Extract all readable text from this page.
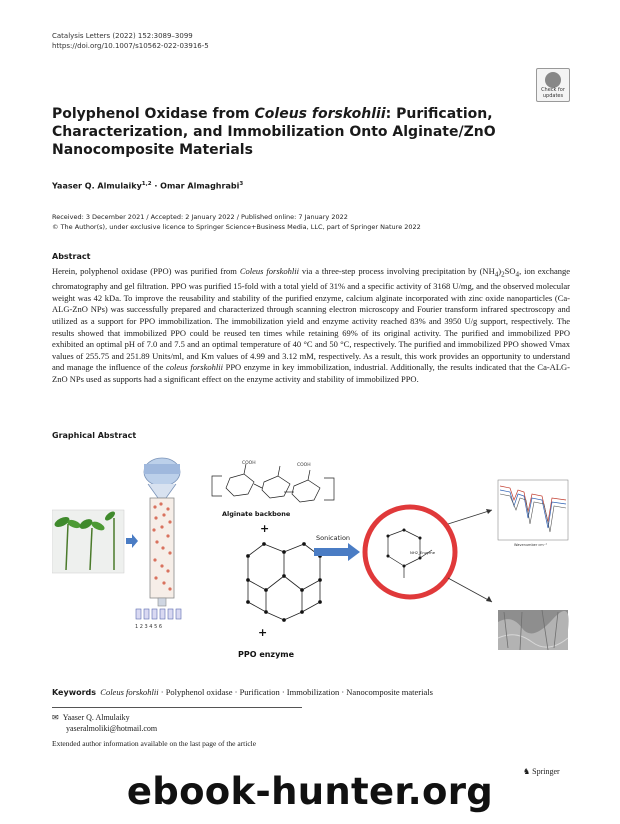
Catalysis Letters (2022) 152:3089–3099
https://doi.org/10.1007/s10562-022-03916-5
Check for
updates
Polyphenol Oxidase from Coleus forskohlii: Purification, Characterization, and Immobilization Onto Alginate/ZnO Nanocomposite Materials
Yaaser Q. Almulaiky$^{1,2}$ · Omar Almaghrabi$^3$
Received: 3 December 2021 / Accepted: 2 January 2022 / Published online: 7 January 2022
© The Author(s), under exclusive licence to Springer Science+Business Media, LLC, part of Springer Nature 2022
Abstract
Herein, polyphenol oxidase (PPO) was purified from Coleus forskohlii via a three-step process involving precipitation by $(NH_4)_2SO_4$, ion exchange chromatography and gel filtration. PPO was purified 15-fold with a total yield of 31% and a specific activity of 3168 U/mg, and the observed molecular weight was 42 kDa. To improve the reusability and stability of the purified enzyme, calcium alginate incorporated with zinc oxide nanoparticles (Ca-ALG-ZnO NPs) was successfully prepared and characterized through scanning electron microscopy and Fourier transform infrared spectroscopy and utilized as a support for PPO immobilization. The immobilization yield and enzyme activity reached 83% and 3950 U/g support, respectively. The results showed that immobilized PPO could be reused ten times while retaining 69% of its original activity. The purified and immobilized PPO exhibited an optimal pH of 7.0 and 7.5 and an optimal temperature of 40 °C and 50 °C, respectively. The purified and immobilized PPO showed Vmax values of 255.75 and 251.89 Units/ml, and Km values of 4.99 and 3.12 mM, respectively. As a result, this work provides an opportunity to understand and manage the influence of the coleus forskohlii PPO enzyme in key immobilization, industrial. Additionally, the results indicated that the Ca-ALG-ZnO NPs used as supports had a significant effect on the enzyme activity and stability of immobilized PPO.
Graphical Abstract
1 2 3 4 5 6
COOH	COOH
Alginate backbone
+
+
PPO enzyme
Sonication
NH2_Enzyme
Wavenumber cm⁻¹
Keywords Coleus forskohlii · Polyphenol oxidase · Purification · Immobilization · Nanocomposite materials
✉ Yaaser Q. Almulaiky
yaseralmoliki@hotmail.com
Extended author information available on the last page of the article
♞ Springer
ebook-hunter.org
